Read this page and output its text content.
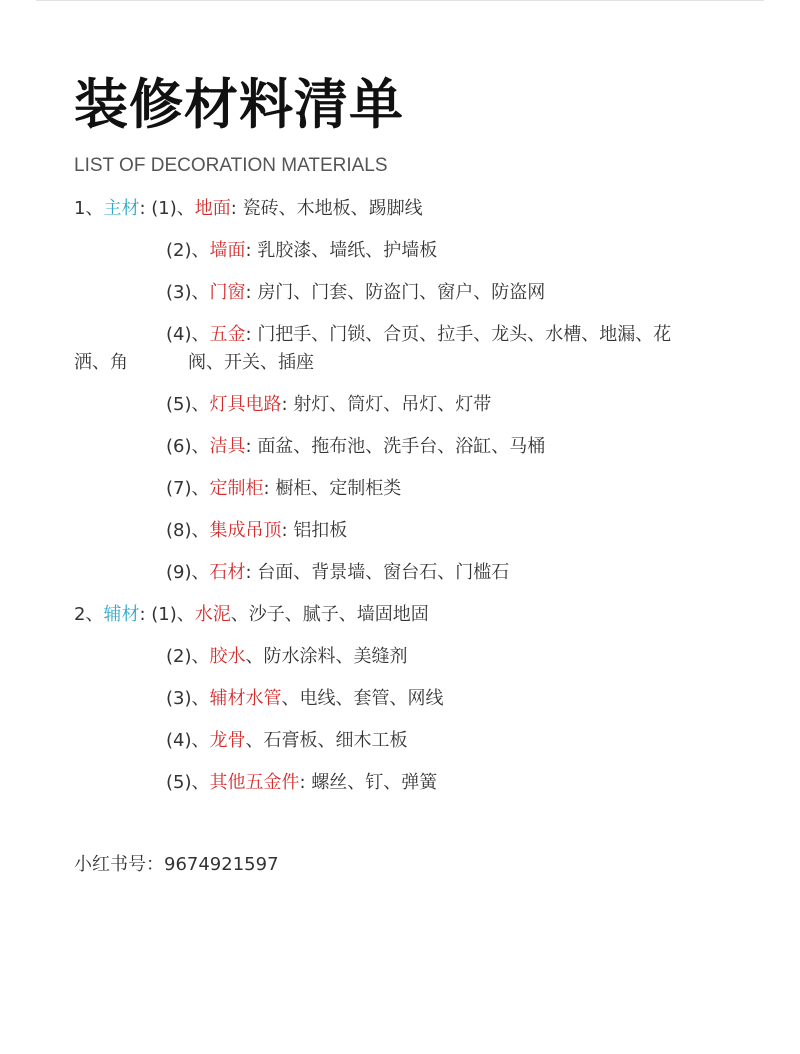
装修材料清单
LIST OF DECORATION MATERIALS
1、主材: (1)、地面: 瓷砖、木地板、踢脚线
(2)、墙面: 乳胶漆、墙纸、护墙板
(3)、门窗: 房门、门套、防盗门、窗户、防盗网
(4)、五金: 门把手、门锁、合页、拉手、龙头、水槽、地漏、花
洒、角	阀、开关、插座
(5)、灯具电路: 射灯、筒灯、吊灯、灯带
(6)、洁具: 面盆、拖布池、洗手台、浴缸、马桶
(7)、定制柜: 橱柜、定制柜类
(8)、集成吊顶: 铝扣板
(9)、石材: 台面、背景墙、窗台石、门槛石
2、辅材: (1)、水泥、沙子、腻子、墙固地固
(2)、胶水、防水涂料、美缝剂
(3)、辅材水管、电线、套管、网线
(4)、龙骨、石膏板、细木工板
(5)、其他五金件: 螺丝、钉、弹簧
小红书号：9674921597
